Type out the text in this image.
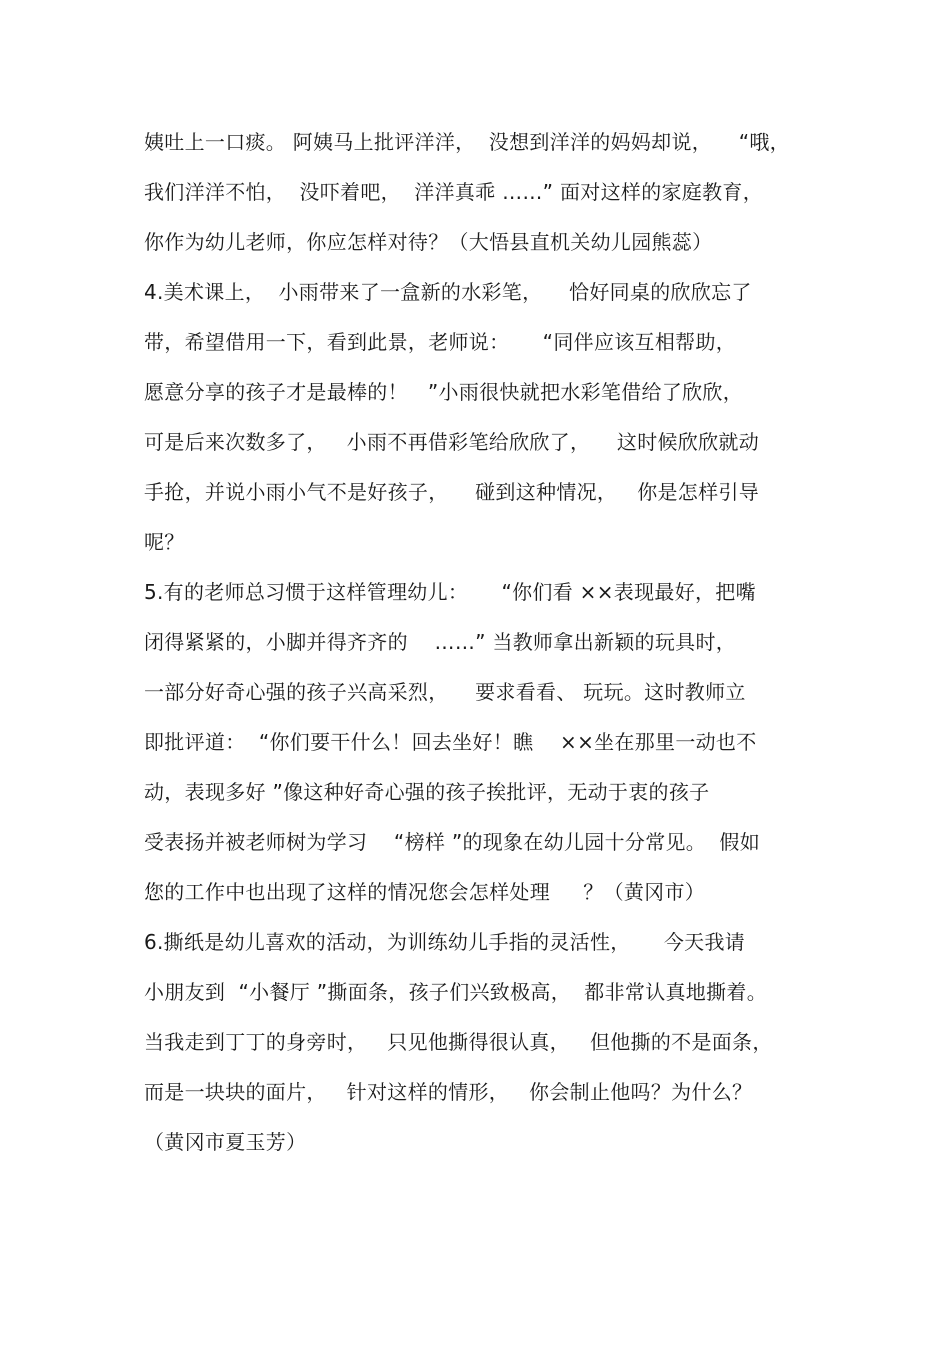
姨吐上一口痰。 阿姨马上批评洋洋，  没想到洋洋的妈妈却说，    “哦，
我们洋洋不怕，  没吓着吧，  洋洋真乖 ……” 面对这样的家庭教育，
你作为幼儿老师，你应怎样对待？（大悟县直机关幼儿园熊蕊）
4.美术课上，  小雨带来了一盒新的水彩笔，    恰好同桌的欣欣忘了
带，希望借用一下，看到此景，老师说：     “同伴应该互相帮助，
愿意分享的孩子才是最棒的！   ”小雨很快就把水彩笔借给了欣欣，
可是后来次数多了，   小雨不再借彩笔给欣欣了，    这时候欣欣就动
手抢，并说小雨小气不是好孩子，    碰到这种情况，   你是怎样引导
呢？
5.有的老师总习惯于这样管理幼儿：     “你们看 ××表现最好，把嘴
闭得紧紧的，小脚并得齐齐的    ……” 当教师拿出新颖的玩具时，
一部分好奇心强的孩子兴高采烈，    要求看看、 玩玩。这时教师立
即批评道：  “你们要干什么！回去坐好！瞧    ××坐在那里一动也不
动，表现多好 ”像这种好奇心强的孩子挨批评，无动于衷的孩子
受表扬并被老师树为学习    “榜样 ”的现象在幼儿园十分常见。  假如
您的工作中也出现了这样的情况您会怎样处理     ？（黄冈市）
6.撕纸是幼儿喜欢的活动，为训练幼儿手指的灵活性，     今天我请
小朋友到  “小餐厅 ”撕面条，孩子们兴致极高，  都非常认真地撕着。
当我走到丁丁的身旁时，   只见他撕得很认真，   但他撕的不是面条，
而是一块块的面片，   针对这样的情形，   你会制止他吗？为什么？
（黄冈市夏玉芳）
